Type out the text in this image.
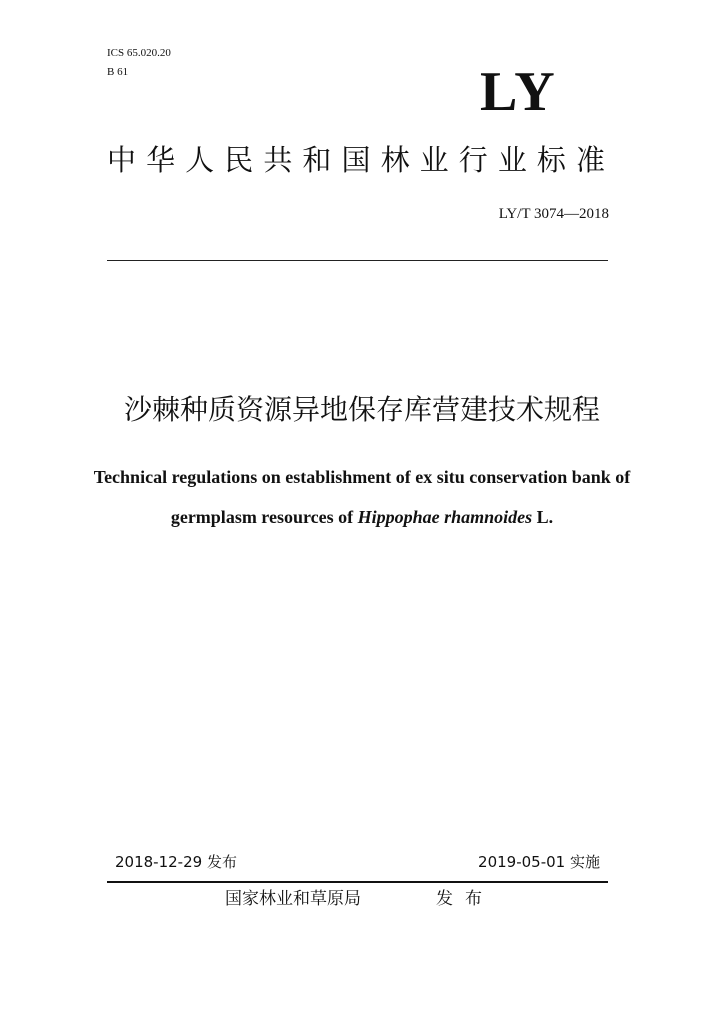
ICS 65.020.20
B 61	LY
中华人民共和国林业行业标准
LY/T 3074—2018
沙棘种质资源异地保存库营建技术规程
Technical regulations on establishment of ex situ conservation bank of
germplasm resources of Hippophae rhamnoides L.
2018-12-29 发布	2019-05-01 实施
国家林业和草原局	发布
